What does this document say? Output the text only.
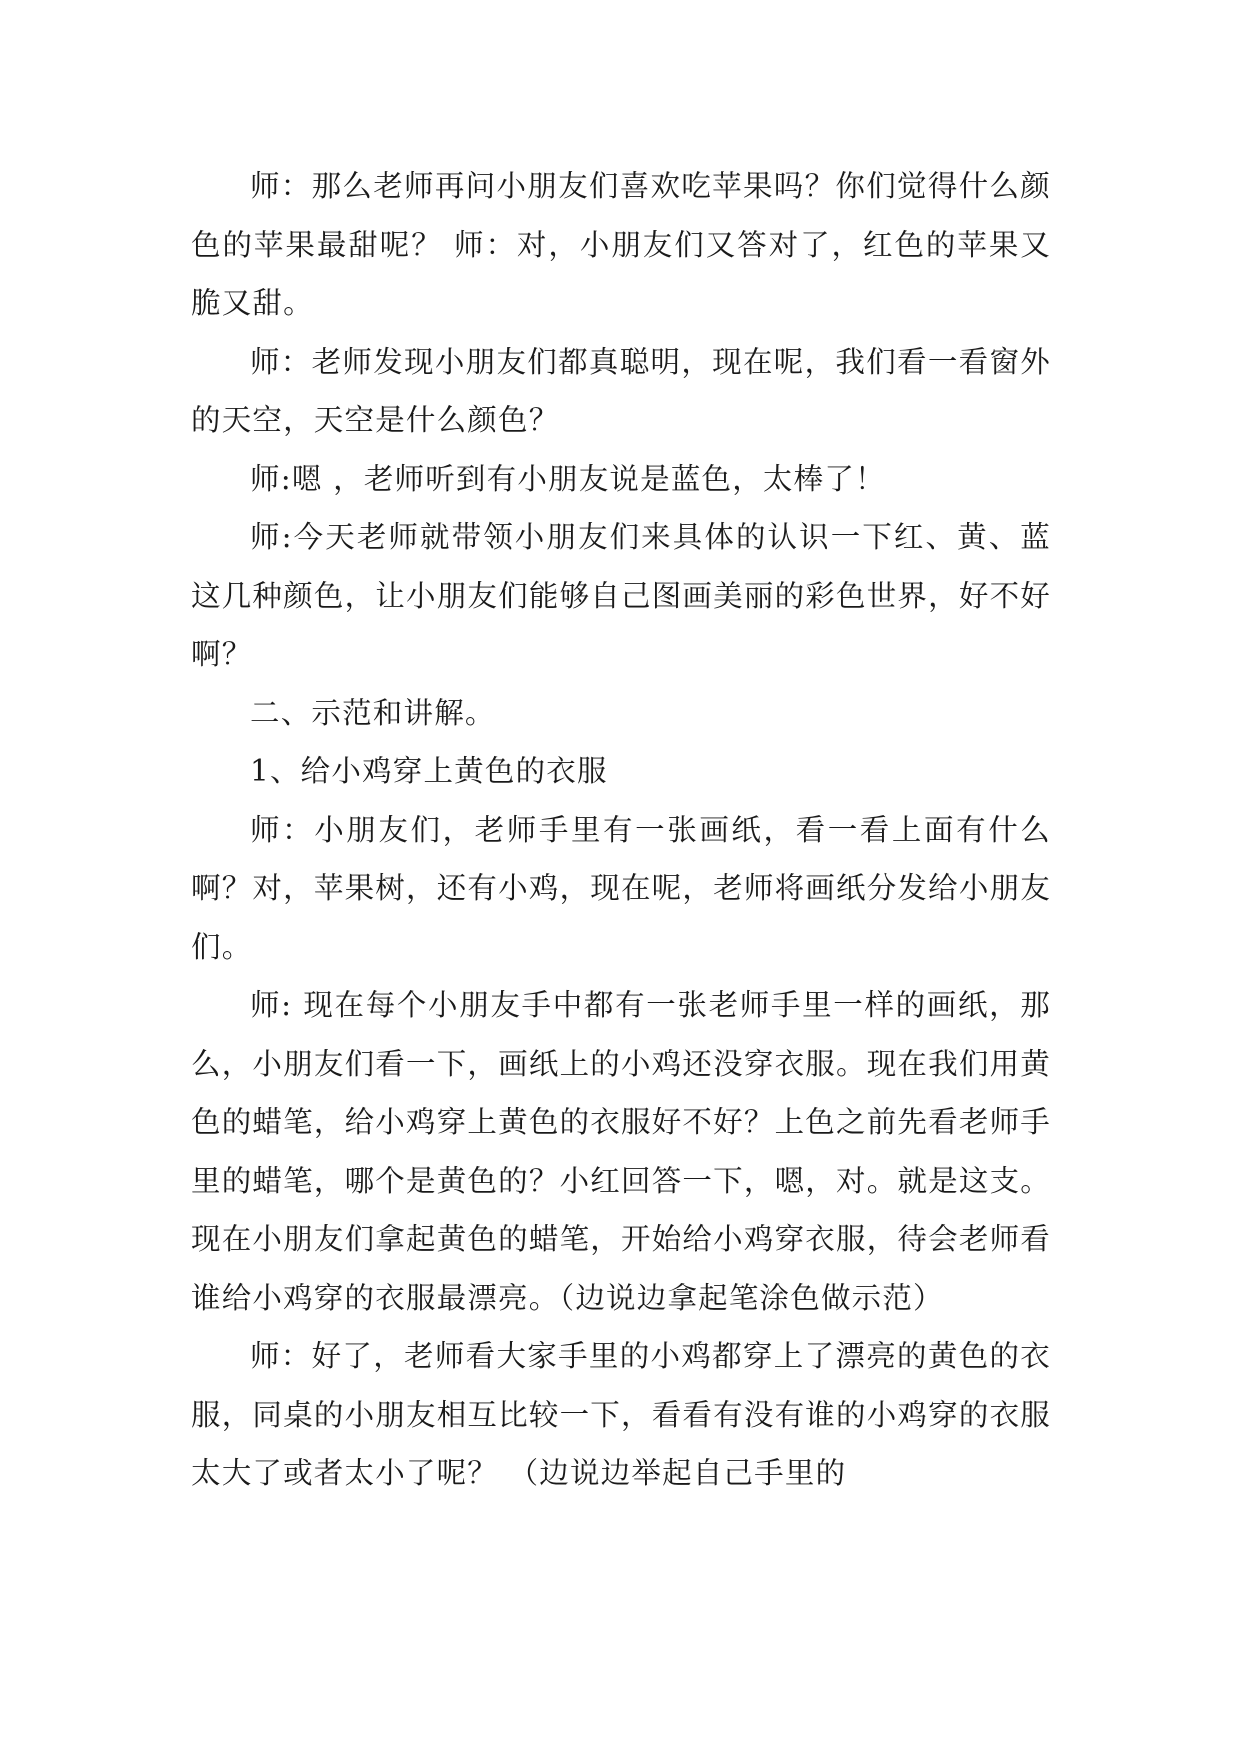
师：那么老师再问小朋友们喜欢吃苹果吗？你们觉得什么颜色的苹果最甜呢？ 师：对，小朋友们又答对了，红色的苹果又脆又甜。

师：老师发现小朋友们都真聪明，现在呢，我们看一看窗外的天空，天空是什么颜色？

师:嗯 ，老师听到有小朋友说是蓝色，太棒了！

师:今天老师就带领小朋友们来具体的认识一下红、黄、蓝这几种颜色，让小朋友们能够自己图画美丽的彩色世界，好不好啊？

二、示范和讲解。

1、给小鸡穿上黄色的衣服

师：小朋友们，老师手里有一张画纸，看一看上面有什么啊？对，苹果树，还有小鸡，现在呢，老师将画纸分发给小朋友们。

师: 现在每个小朋友手中都有一张老师手里一样的画纸，那么，小朋友们看一下，画纸上的小鸡还没穿衣服。现在我们用黄色的蜡笔，给小鸡穿上黄色的衣服好不好？上色之前先看老师手里的蜡笔，哪个是黄色的？小红回答一下，嗯，对。就是这支。现在小朋友们拿起黄色的蜡笔，开始给小鸡穿衣服，待会老师看谁给小鸡穿的衣服最漂亮。（边说边拿起笔涂色做示范）

师：好了，老师看大家手里的小鸡都穿上了漂亮的黄色的衣服，同桌的小朋友相互比较一下，看看有没有谁的小鸡穿的衣服太大了或者太小了呢？ （边说边举起自己手里的
